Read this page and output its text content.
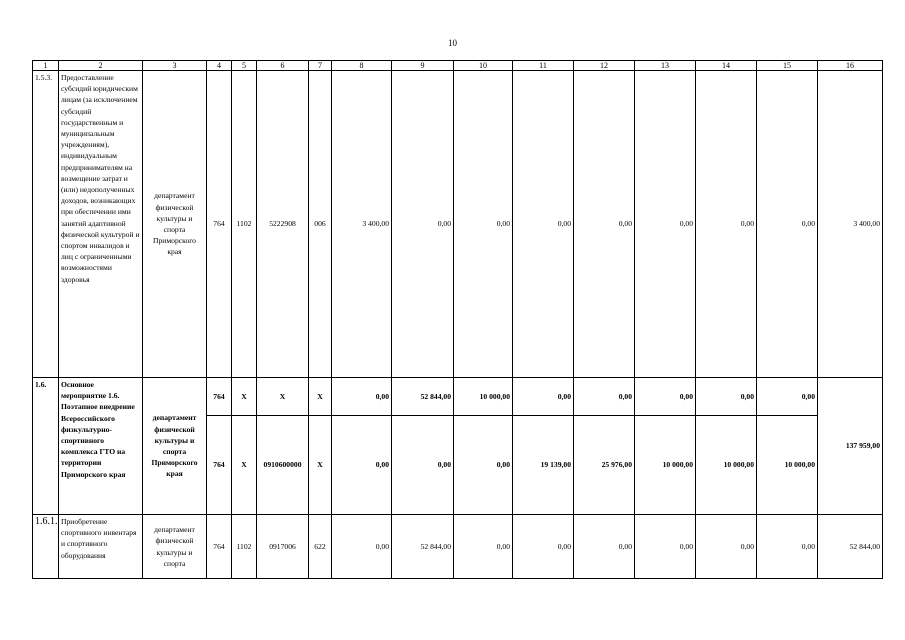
10
1	2	3	4	5	6	7	8	9	10	11	12	13	14	15	16
1.5.3.	Предоставление субсидий юридическим лицам (за исключением субсидий государственным и муниципальным учреждениям), индивидуальным предпринимателям на возмещение затрат и (или) недополученных доходов, возникающих при обеспечении ими занятий адаптивной физической культурой и спортом инвалидов и лиц с ограниченными возможностями здоровья	департамент физической культуры и спорта Приморского края	764	1102	5222908	006	3 400,00	0,00	0,00	0,00	0,00	0,00	0,00	0,00	3 400,00
1.6.	Основное мероприятие 1.6. Поэтапное внедрение Всероссийского физкультурно-спортивного комплекса ГТО на территории Приморского края	департамент физической культуры и спорта Приморского края	764	X	X	X	0,00	52 844,00	10 000,00	0,00	0,00	0,00	0,00	0,00	137 959,00
			764	X	0910600000	X	0,00	0,00	0,00	19 139,00	25 976,00	10 000,00	10 000,00	10 000,00	
1.6.1.	Приобретение спортивного инвентаря и спортивного оборудования	департамент физической культуры и спорта	764	1102	0917006	622	0,00	52 844,00	0,00	0,00	0,00	0,00	0,00	0,00	52 844,00
